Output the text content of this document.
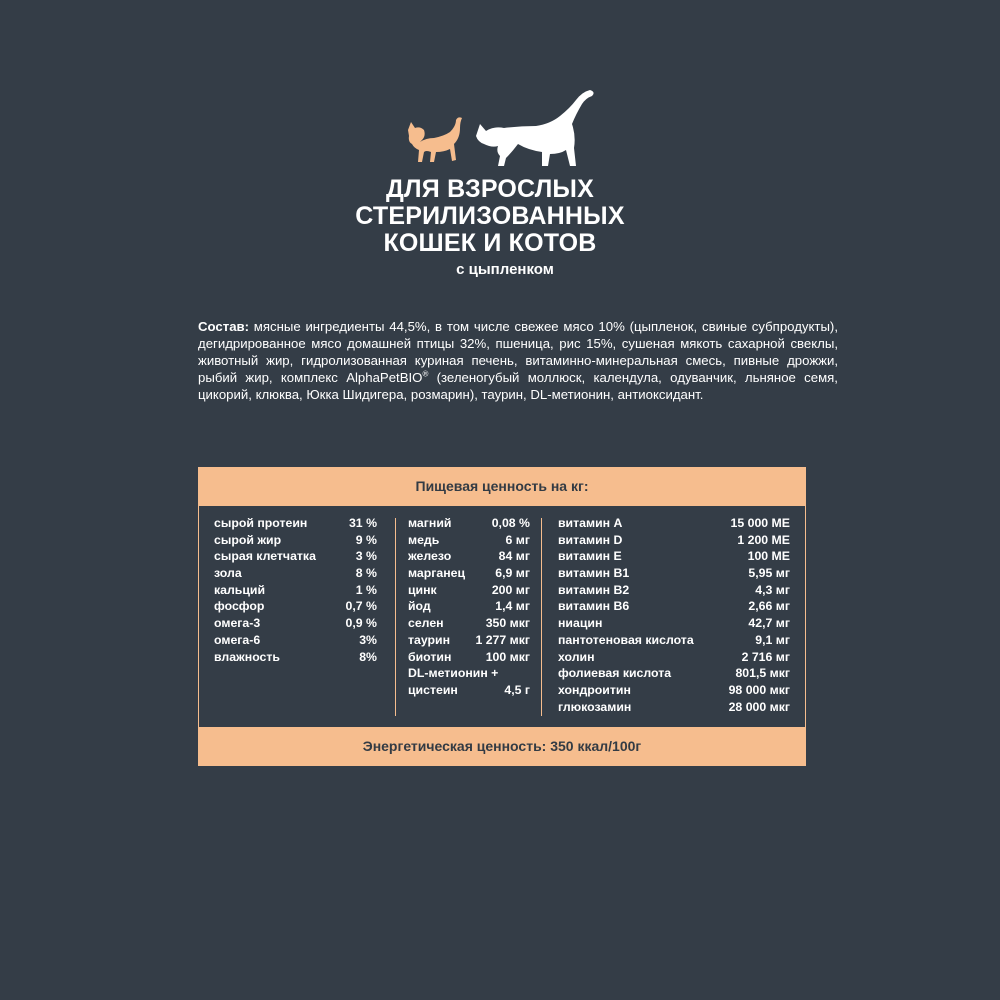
ДЛЯ ВЗРОСЛЫХ
СТЕРИЛИЗОВАННЫХ
КОШЕК И КОТОВ
с цыпленком
Состав: мясные ингредиенты 44,5%, в том числе свежее мясо 10% (цыпленок, свиные субпродукты), дегидрированное мясо домашней птицы 32%, пшеница, рис 15%, сушеная мякоть сахарной свеклы, животный жир, гидролизованная куриная печень, витаминно-минеральная смесь, пивные дрожжи, рыбий жир, комплекс AlphaPetBIO® (зеленогубый моллюск, календула, одуванчик, льняное семя, цикорий, клюква, Юкка Шидигера, розмарин), таурин, DL-метионин, антиоксидант.
Пищевая ценность на кг:
сырой протеин	31 %
сырой жир	9 %
сырая клетчатка	3 %
зола	8 %
кальций	1 %
фосфор	0,7 %
омега-3	0,9 %
омега-6	3%
влажность	8%
магний	0,08 %
медь	6 мг
железо	84 мг
марганец 6,9 мг
цинк	200 мг
йод	1,4 мг
селен	350 мкг
таурин 1 277 мкг
биотин	100 мкг
DL-метионин +
цистеин	4,5 г
витамин А	15 000 МЕ
витамин D	1 200 МЕ
витамин Е	100 МЕ
витамин В1	5,95 мг
витамин В2	4,3 мг
витамин В6	2,66 мг
ниацин	42,7 мг
пантотеновая кислота	9,1 мг
холин	2 716 мг
фолиевая кислота	801,5 мкг
хондроитин	98 000 мкг
глюкозамин	28 000 мкг
Энергетическая ценность: 350 ккал/100г
